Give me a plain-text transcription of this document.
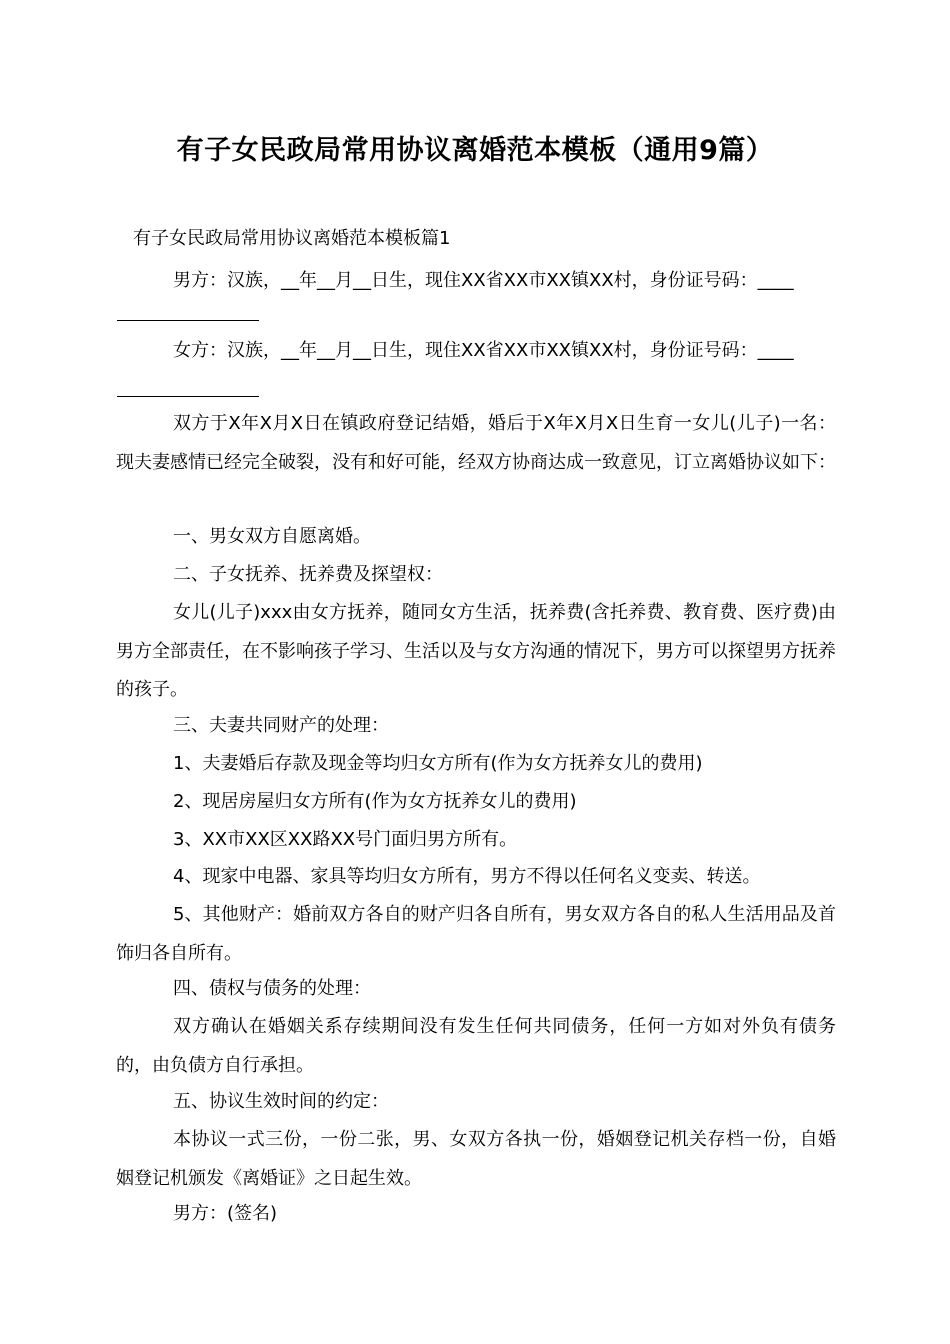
有子女民政局常用协议离婚范本模板（通用9篇）
有子女民政局常用协议离婚范本模板篇1

男方：汉族，__年__月__日生，现住XX省XX市XX镇XX村，身份证号码：____

女方：汉族，__年__月__日生，现住XX省XX市XX镇XX村，身份证号码：____

双方于X年X月X日在镇政府登记结婚，婚后于X年X月X日生育一女儿(儿子)一名：现夫妻感情已经完全破裂，没有和好可能，经双方协商达成一致意见，订立离婚协议如下：

一、男女双方自愿离婚。

二、子女抚养、抚养费及探望权：

女儿(儿子)xxx由女方抚养，随同女方生活，抚养费(含托养费、教育费、医疗费)由男方全部责任，在不影响孩子学习、生活以及与女方沟通的情况下，男方可以探望男方抚养的孩子。

三、夫妻共同财产的处理：

1、夫妻婚后存款及现金等均归女方所有(作为女方抚养女儿的费用)

2、现居房屋归女方所有(作为女方抚养女儿的费用)

3、XX市XX区XX路XX号门面归男方所有。

4、现家中电器、家具等均归女方所有，男方不得以任何名义变卖、转送。

5、其他财产：婚前双方各自的财产归各自所有，男女双方各自的私人生活用品及首饰归各自所有。

四、债权与债务的处理：

双方确认在婚姻关系存续期间没有发生任何共同债务，任何一方如对外负有债务的，由负债方自行承担。

五、协议生效时间的约定：

本协议一式三份，一份二张，男、女双方各执一份，婚姻登记机关存档一份，自婚姻登记机颁发《离婚证》之日起生效。

男方：(签名)
